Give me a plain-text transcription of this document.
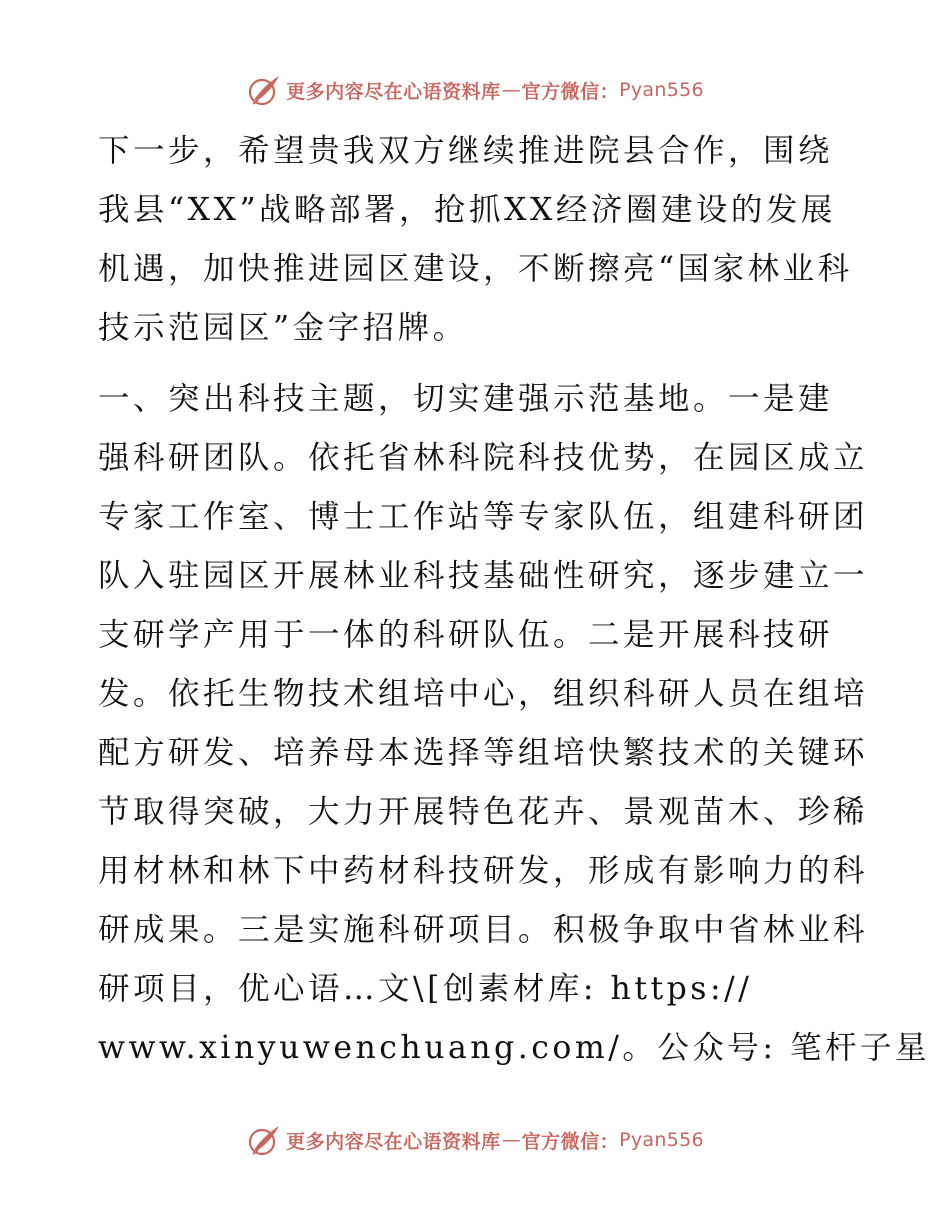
更多内容尽在心语资料库 — 官方微信： Pyan556

下一步，希望贵我双方继续推进院县合作，围绕
我县“XX”战略部署，抢抓XX经济圈建设的发展
机遇，加快推进园区建设，不断擦亮“国家林业科
技示范园区”金字招牌。

一、突出科技主题，切实建强示范基地。一是建
强科研团队。依托省林科院科技优势，在园区成立
专家工作室、博士工作站等专家队伍，组建科研团
队入驻园区开展林业科技基础性研究，逐步建立一
支研学产用于一体的科研队伍。二是开展科技研
发。依托生物技术组培中心，组织科研人员在组培
配方研发、培养母本选择等组培快繁技术的关键环
节取得突破，大力开展特色花卉、景观苗木、珍稀
用材林和林下中药材科技研发，形成有影响力的科
研成果。三是实施科研项目。积极争取中省林业科
研项目，优心语…文\[创素材库: https://
www.xinyuwenchuang.com/。公众号: 笔杆子星

更多内容尽在心语资料库 — 官方微信： Pyan556
